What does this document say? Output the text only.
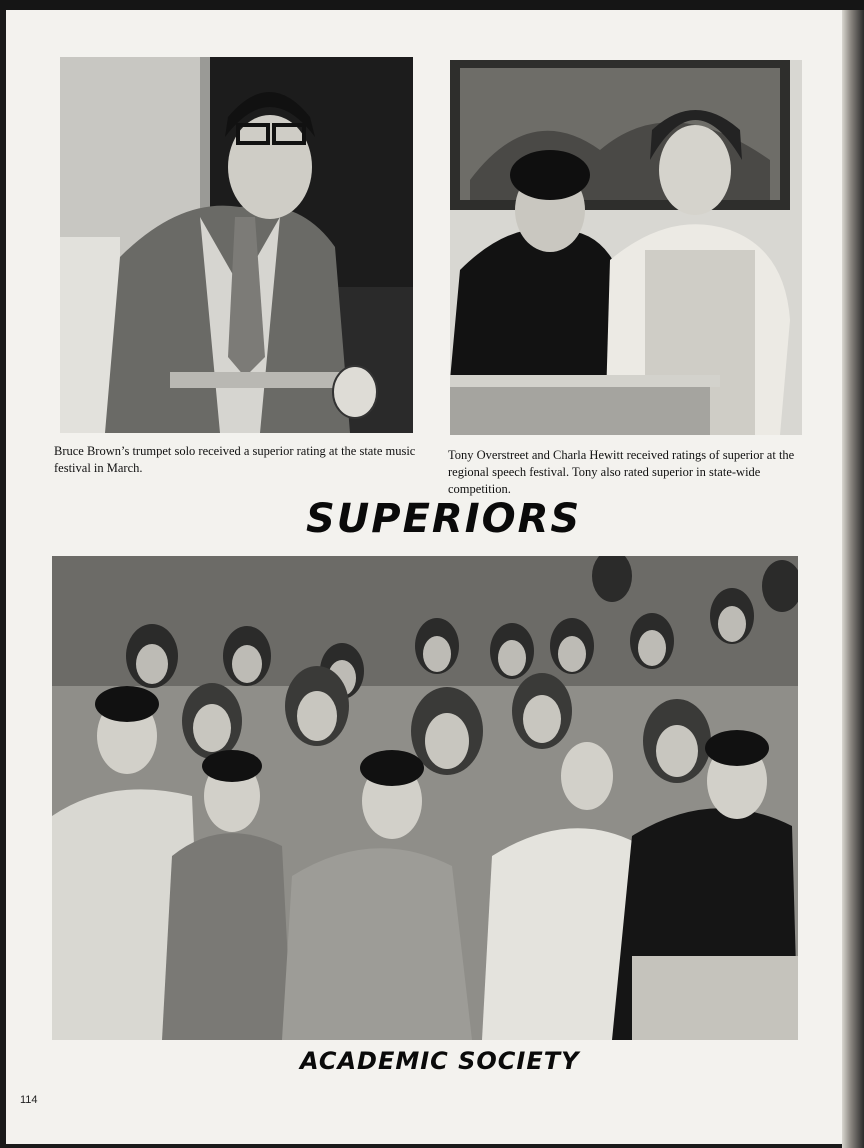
Bruce Brown’s trumpet solo received a superior rating at the state music festival in March.
Tony Overstreet and Charla Hewitt received ratings of superior at the regional speech festival. Tony also rated superior in state-wide competition.
SUPERIORS
ACADEMIC SOCIETY
114
